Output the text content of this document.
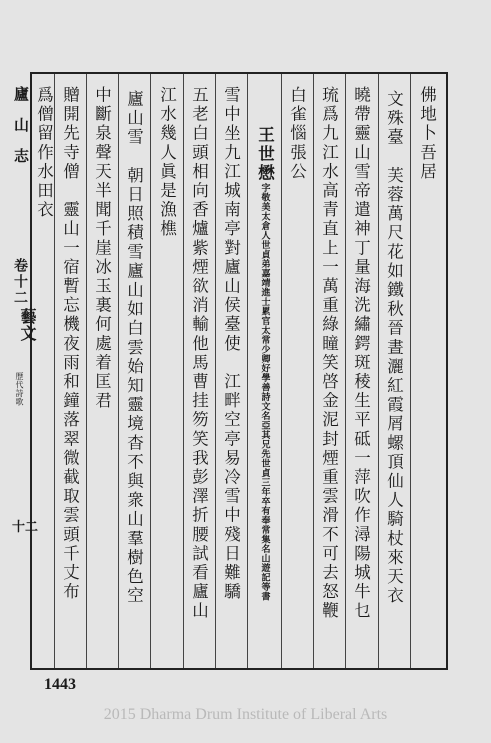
廬山志
卷十二
藝文
歷代詩歌
十二
佛地卜吾居
文殊臺　芙蓉萬尺花如鐵秋晉晝灑紅霞屑螺頂仙人騎杖來天衣
曉帶靈山雪帝遣神丁量海洗繡鍔斑稜生平砥一萍吹作潯陽城牛乜
琉爲九江水高青直上一萬重綠瞳笑啓金泥封煙重雲滑不可去怒鞭
白雀惱張公
王世懋字敬美太倉人世貞弟嘉靖進士累官太常少卿好學善詩文名亞其兄先世貞三年卒有奉常集名山遊記等書
雪中坐九江城南亭對廬山侯臺使　江畔空亭易冷雪中殘日難驕
五老白頭相向香爐紫煙欲消輸他馬曹挂笏笑我彭澤折腰試看廬山
江水幾人眞是漁樵
廬山雪　朝日照積雪廬山如白雲始知靈境杳不與衆山羣樹色空
中斷泉聲天半聞千崖冰玉裏何處着匡君
贈開先寺僧　靈山一宿暫忘機夜雨和鐘落翠微截取雲頭千丈布
爲僧留作水田衣
1443
2015 Dharma Drum Institute of Liberal Arts
